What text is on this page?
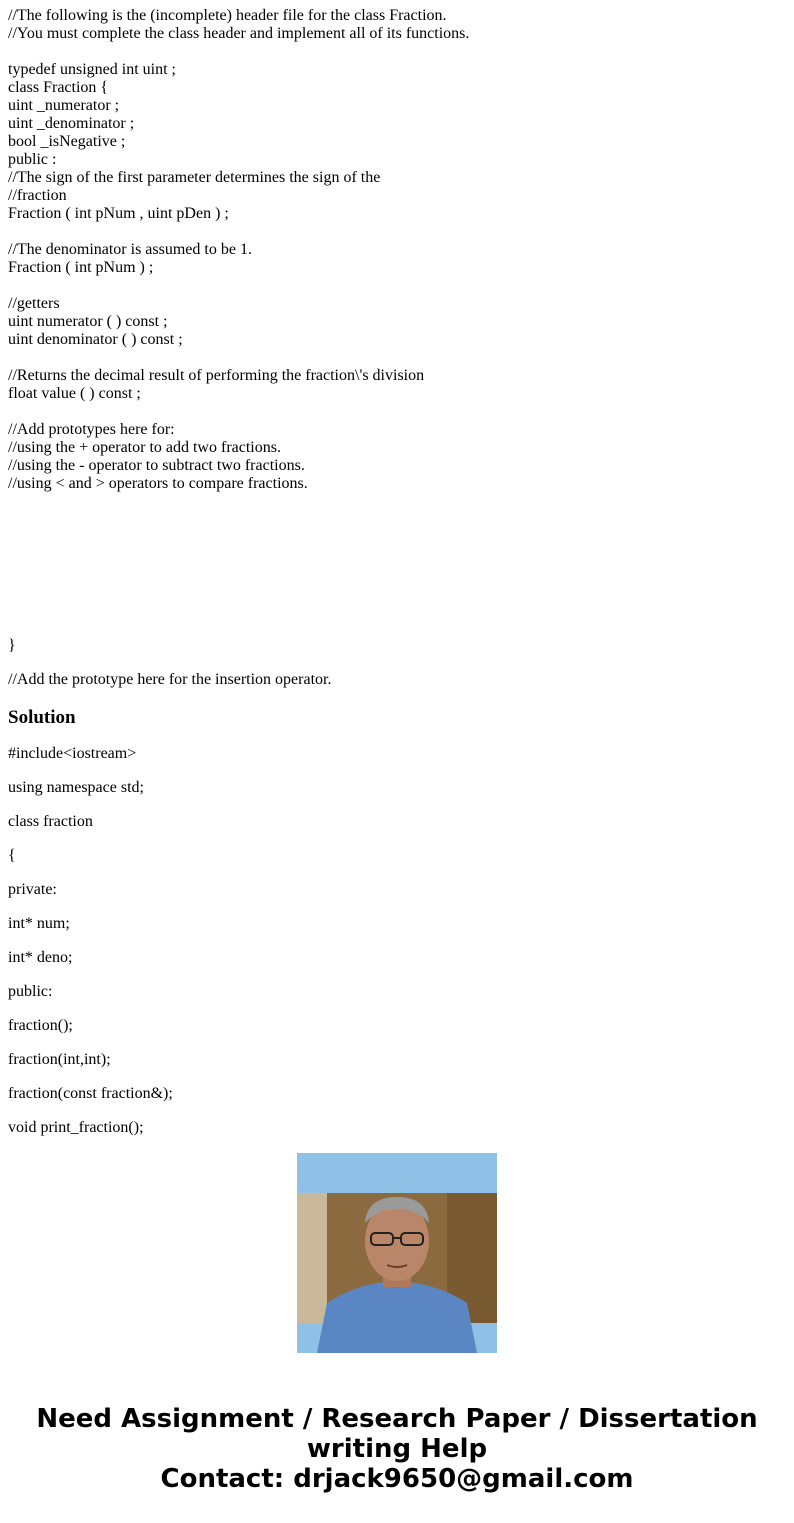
//The following is the (incomplete) header file for the class Fraction.
//You must complete the class header and implement all of its functions.
typedef unsigned int uint ;
class Fraction {
uint _numerator ;
uint _denominator ;
bool _isNegative ;
public :
//The sign of the first parameter determines the sign of the
//fraction
Fraction ( int pNum , uint pDen ) ;
//The denominator is assumed to be 1.
Fraction ( int pNum ) ;
//getters
uint numerator ( ) const ;
uint denominator ( ) const ;
//Returns the decimal result of performing the fraction\'s division
float value ( ) const ;
//Add prototypes here for:
//using the + operator to add two fractions.
//using the - operator to subtract two fractions.
//using < and > operators to compare fractions.
}
//Add the prototype here for the insertion operator.
Solution
#include<iostream>
using namespace std;
class fraction
{
private:
int* num;
int* deno;
public:
fraction();
fraction(int,int);
fraction(const fraction&);
void print_fraction();
Need Assignment / Research Paper / Dissertation
writing Help
Contact: drjack9650@gmail.com
